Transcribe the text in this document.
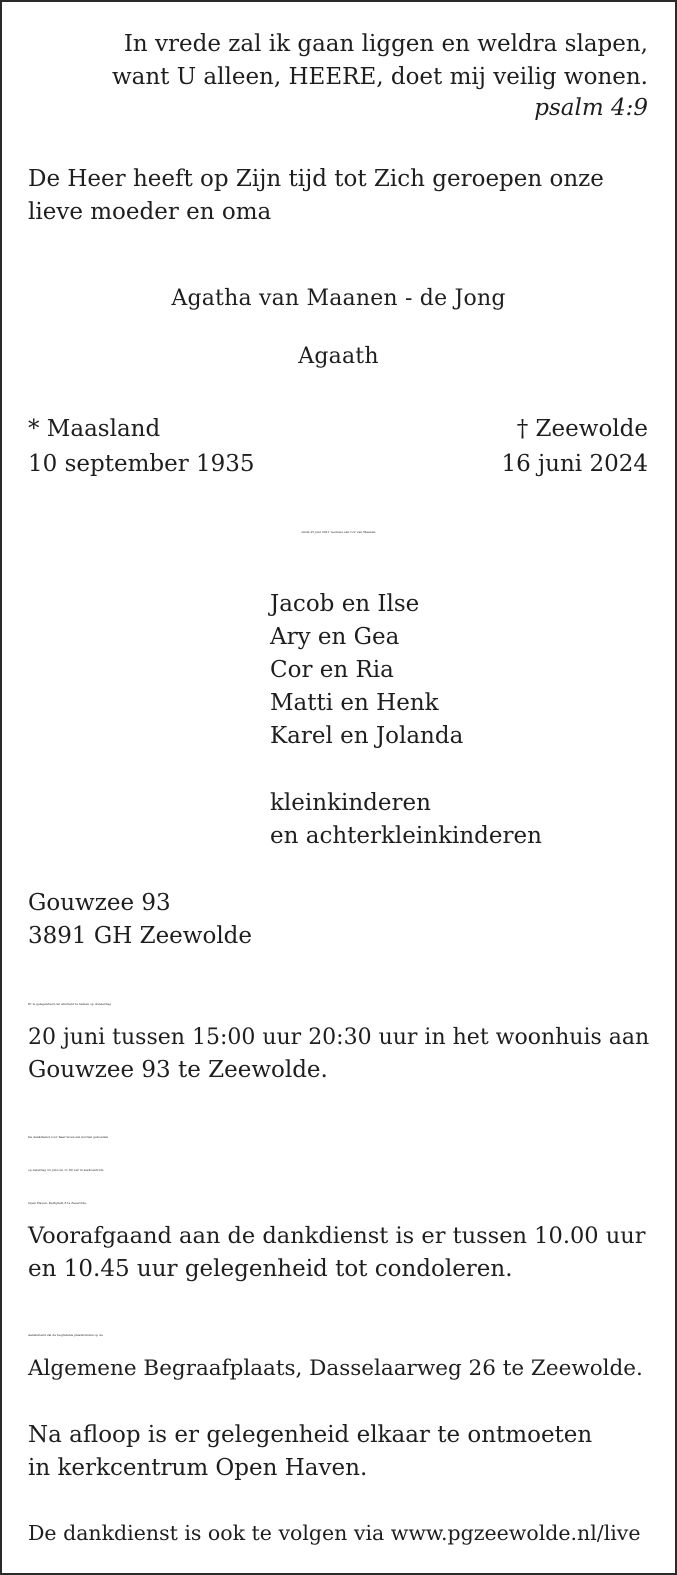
In vrede zal ik gaan liggen en weldra slapen,
want U alleen, HEERE, doet mij veilig wonen.
psalm 4:9
De Heer heeft op Zijn tijd tot Zich geroepen onze
lieve moeder en oma
Agatha van Maanen - de Jong
Agaath
* Maasland
10 september 1935
† Zeewolde
16 juni 2024
sinds 25 juni 2021 weduwe van Cor van Maanen
Jacob en Ilse
Ary en Gea
Cor en Ria
Matti en Henk
Karel en Jolanda
kleinkinderen
en achterkleinkinderen
Gouwzee 93
3891 GH Zeewolde
Er is gelegenheid om afscheid te nemen op donderdag
20 juni tussen 15:00 uur 20:30 uur in het woonhuis aan
Gouwzee 93 te Zeewolde.
De dankdienst voor haar leven zal worden gehouden
op zaterdag 22 juni om 11.00 uur in kerkcentrum
Open Haven, Kerkplein 8 te Zeewolde.
Voorafgaand aan de dankdienst is er tussen 10.00 uur
en 10.45 uur gelegenheid tot condoleren.
Aansluitend zal de begrafenis plaatsvinden op de
Algemene Begraafplaats, Dasselaarweg 26 te Zeewolde.
Na afloop is er gelegenheid elkaar te ontmoeten
in kerkcentrum Open Haven.
De dankdienst is ook te volgen via www.pgzeewolde.nl/live
